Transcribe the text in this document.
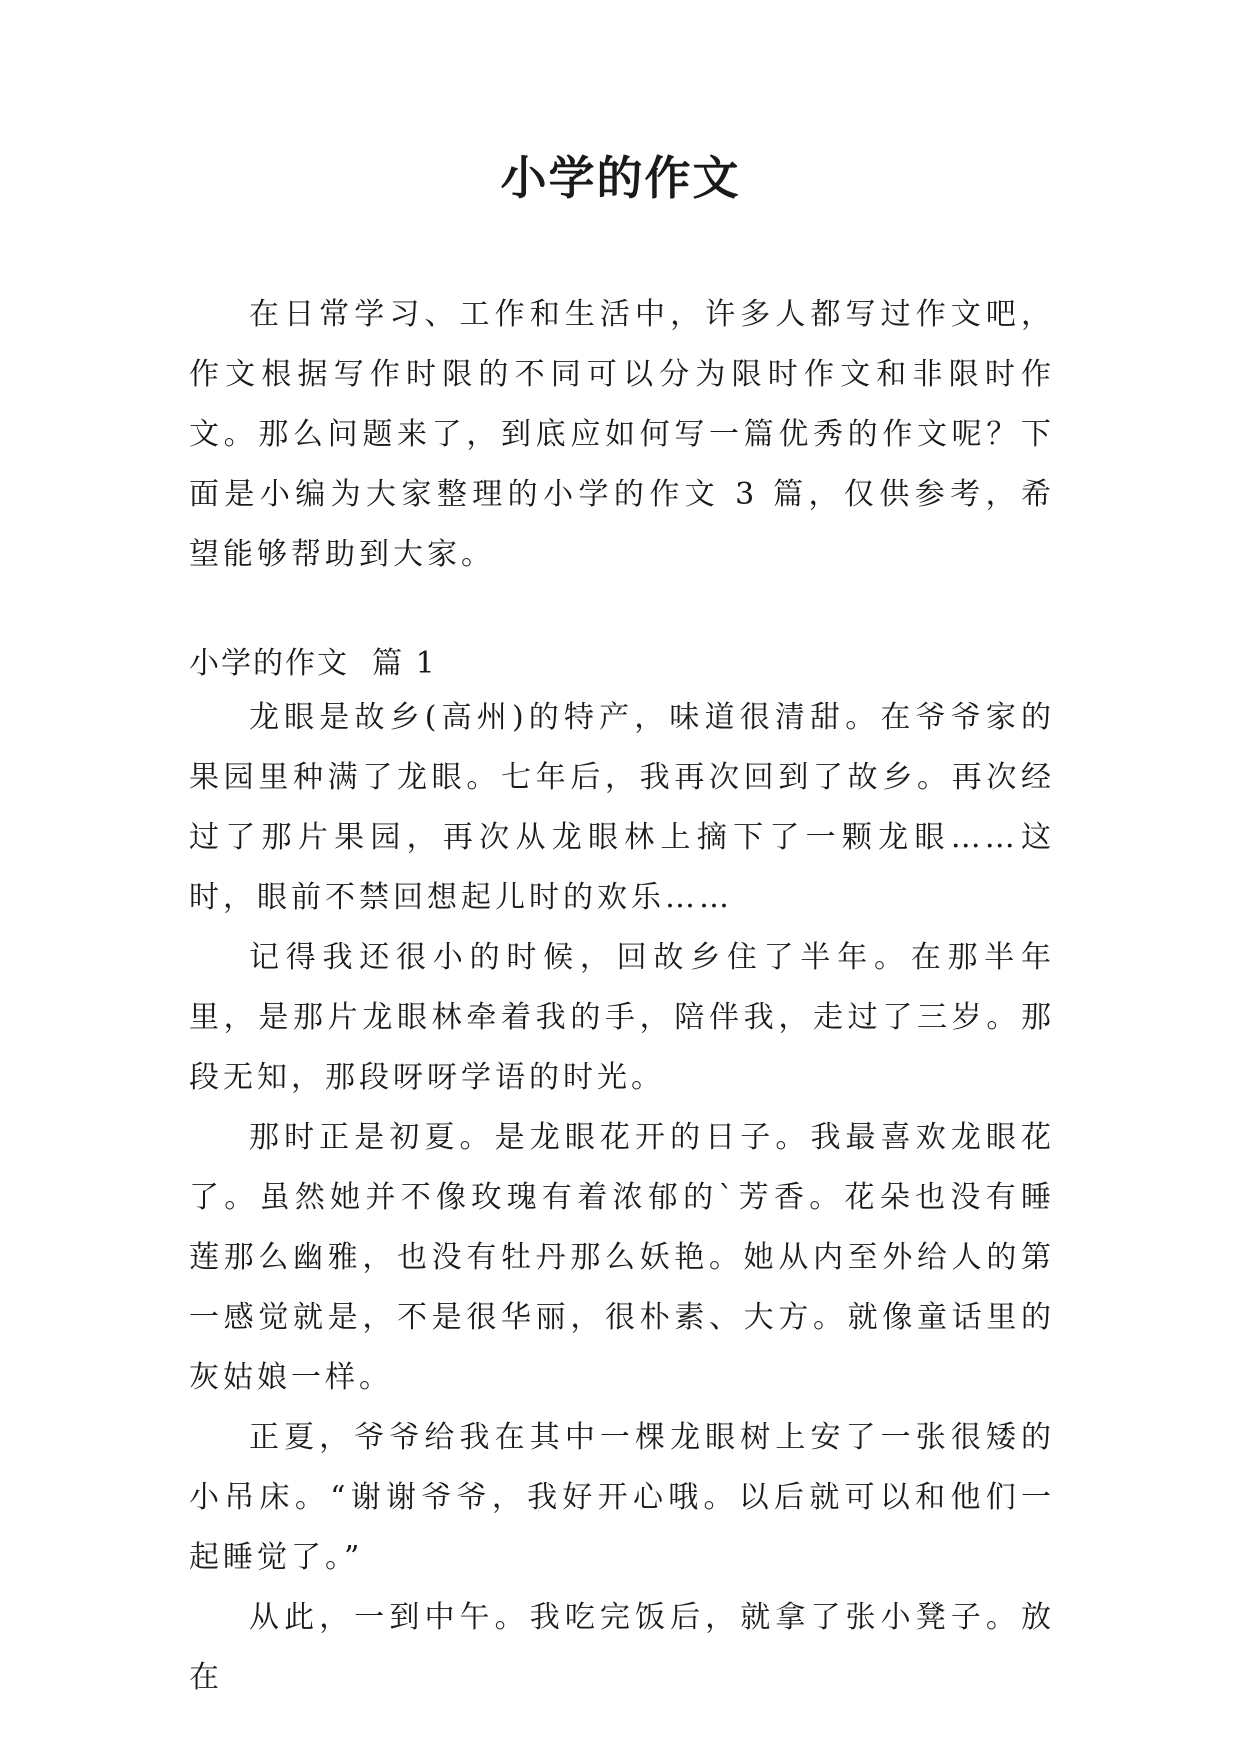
小学的作文

在日常学习、工作和生活中，许多人都写过作文吧，作文根据写作时限的不同可以分为限时作文和非限时作文。那么问题来了，到底应如何写一篇优秀的作文呢？下面是小编为大家整理的小学的作文 3 篇，仅供参考，希望能够帮助到大家。

小学的作文  篇 1

龙眼是故乡(高州)的特产，味道很清甜。在爷爷家的果园里种满了龙眼。七年后，我再次回到了故乡。再次经过了那片果园，再次从龙眼林上摘下了一颗龙眼……这时，眼前不禁回想起儿时的欢乐……

记得我还很小的时候，回故乡住了半年。在那半年里，是那片龙眼林牵着我的手，陪伴我，走过了三岁。那段无知，那段呀呀学语的时光。

那时正是初夏。是龙眼花开的日子。我最喜欢龙眼花了。虽然她并不像玫瑰有着浓郁的`芳香。花朵也没有睡莲那么幽雅，也没有牡丹那么妖艳。她从内至外给人的第一感觉就是，不是很华丽，很朴素、大方。就像童话里的灰姑娘一样。

正夏，爷爷给我在其中一棵龙眼树上安了一张很矮的小吊床。“谢谢爷爷，我好开心哦。以后就可以和他们一起睡觉了。”

从此，一到中午。我吃完饭后，就拿了张小凳子。放在
